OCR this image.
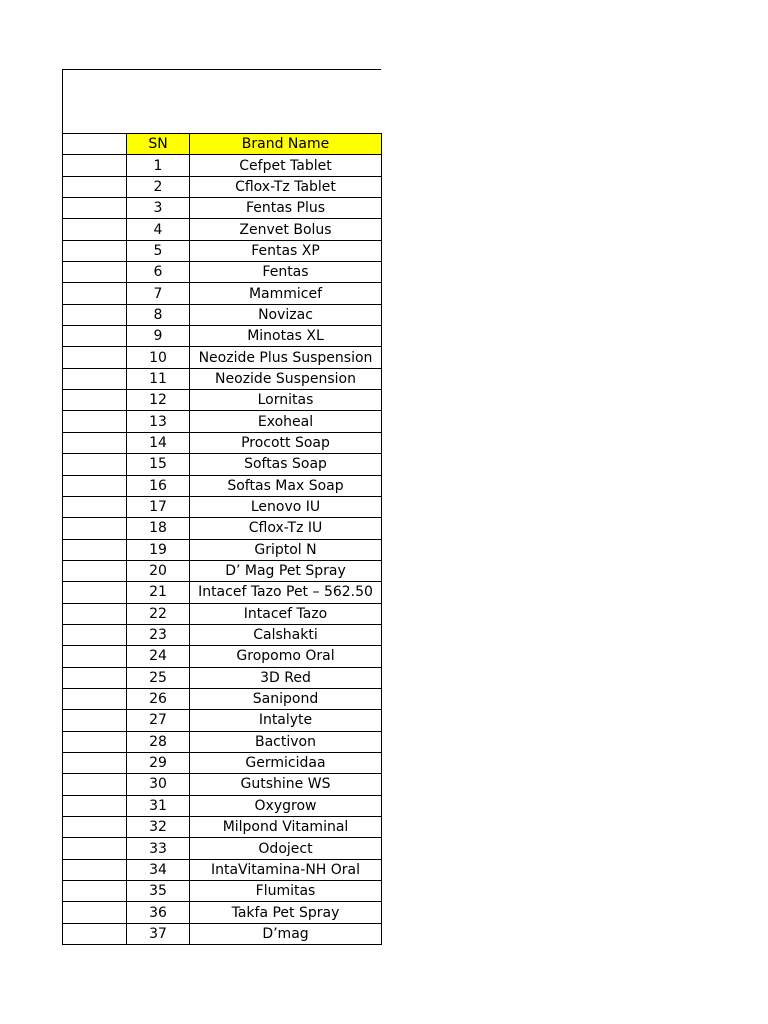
	SN	Brand Name
	1	Cefpet Tablet
	2	Cflox-Tz Tablet
	3	Fentas Plus
	4	Zenvet Bolus
	5	Fentas XP
	6	Fentas
	7	Mammicef
	8	Novizac
	9	Minotas XL
	10	Neozide Plus Suspension
	11	Neozide Suspension
	12	Lornitas
	13	Exoheal
	14	Procott Soap
	15	Softas Soap
	16	Softas Max Soap
	17	Lenovo IU
	18	Cflox-Tz IU
	19	Griptol N
	20	D’ Mag Pet Spray
	21	Intacef Tazo Pet – 562.50
	22	Intacef Tazo
	23	Calshakti
	24	Gropomo Oral
	25	3D Red
	26	Sanipond
	27	Intalyte
	28	Bactivon
	29	Germicidaa
	30	Gutshine WS
	31	Oxygrow
	32	Milpond Vitaminal
	33	Odoject
	34	IntaVitamina-NH Oral
	35	Flumitas
	36	Takfa Pet Spray
	37	D’mag
